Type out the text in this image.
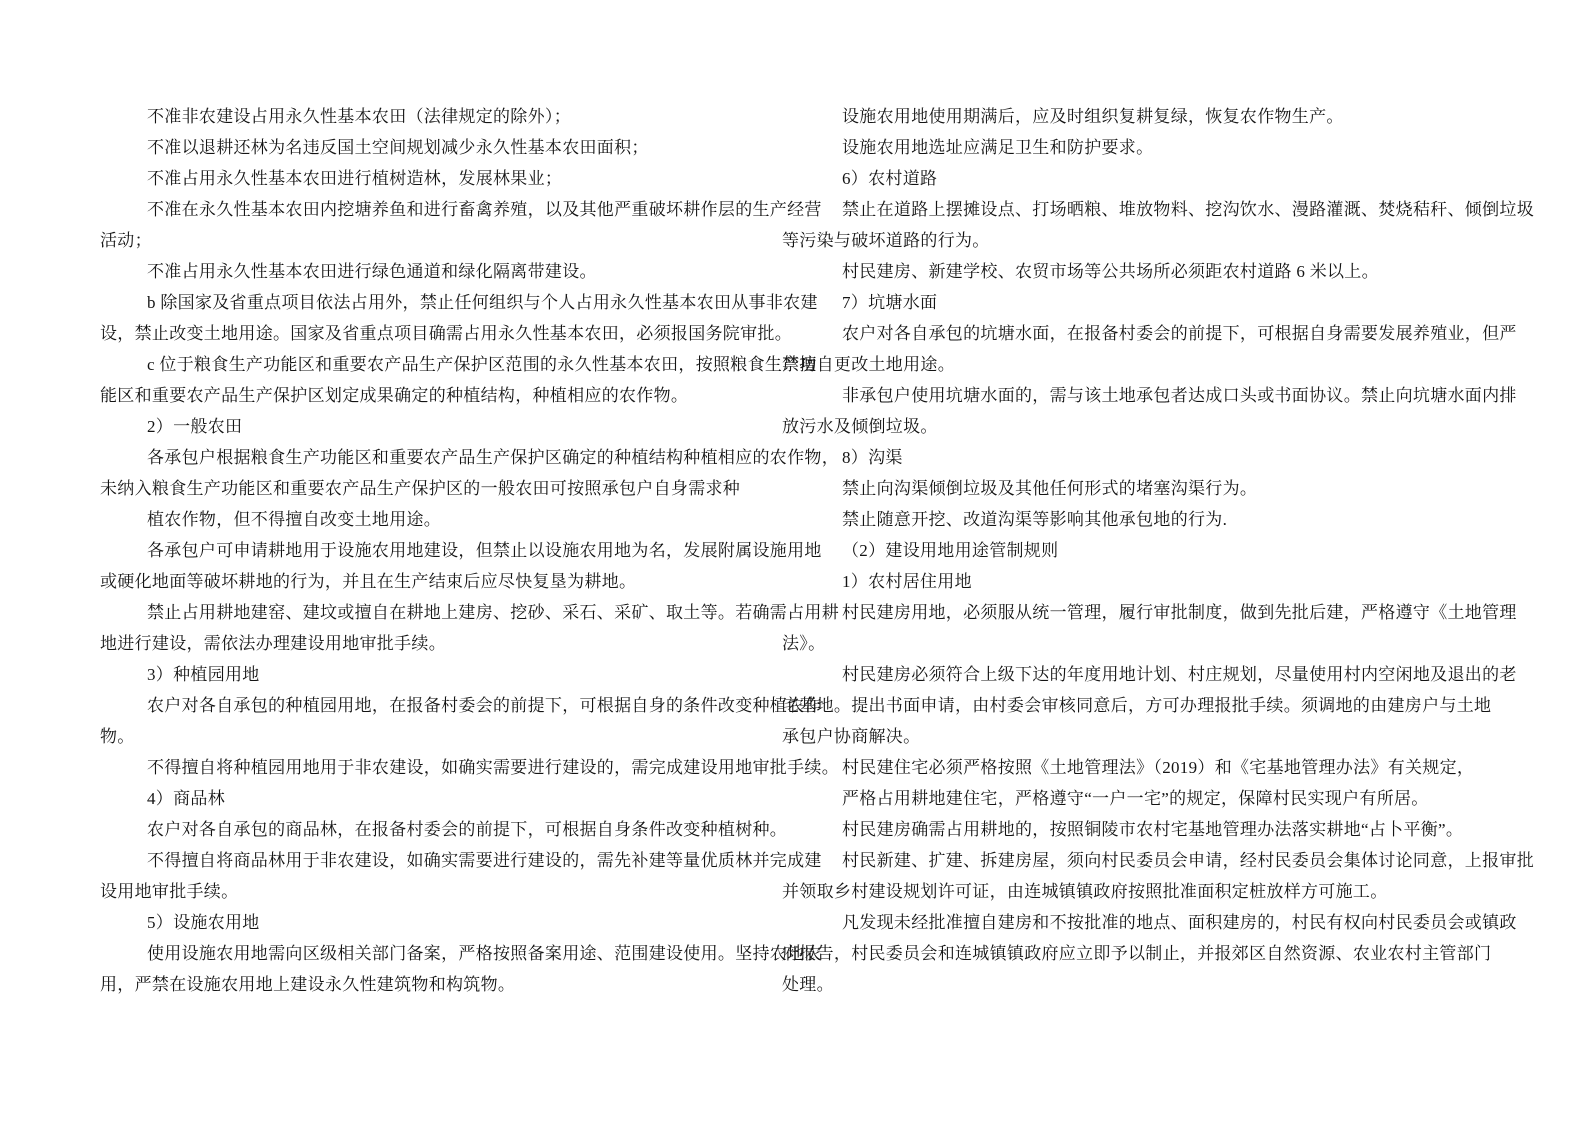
不准非农建设占用永久性基本农田（法律规定的除外）；
不准以退耕还林为名违反国土空间规划减少永久性基本农田面积；
不准占用永久性基本农田进行植树造林，发展林果业；
不准在永久性基本农田内挖塘养鱼和进行畜禽养殖，以及其他严重破坏耕作层的生产经营
活动；
不准占用永久性基本农田进行绿色通道和绿化隔离带建设。
b 除国家及省重点项目依法占用外，禁止任何组织与个人占用永久性基本农田从事非农建
设，禁止改变土地用途。国家及省重点项目确需占用永久性基本农田，必须报国务院审批。
c 位于粮食生产功能区和重要农产品生产保护区范围的永久性基本农田，按照粮食生产功
能区和重要农产品生产保护区划定成果确定的种植结构，种植相应的农作物。
2）一般农田
各承包户根据粮食生产功能区和重要农产品生产保护区确定的种植结构种植相应的农作物，
未纳入粮食生产功能区和重要农产品生产保护区的一般农田可按照承包户自身需求种
植农作物，但不得擅自改变土地用途。
各承包户可申请耕地用于设施农用地建设，但禁止以设施农用地为名，发展附属设施用地
或硬化地面等破坏耕地的行为，并且在生产结束后应尽快复垦为耕地。
禁止占用耕地建窑、建坟或擅自在耕地上建房、挖砂、采石、采矿、取土等。若确需占用耕
地进行建设，需依法办理建设用地审批手续。
3）种植园用地
农户对各自承包的种植园用地，在报备村委会的前提下，可根据自身的条件改变种植农作
物。
不得擅自将种植园用地用于非农建设，如确实需要进行建设的，需完成建设用地审批手续。
4）商品林
农户对各自承包的商品林，在报备村委会的前提下，可根据自身条件改变种植树种。
不得擅自将商品林用于非农建设，如确实需要进行建设的，需先补建等量优质林并完成建
设用地审批手续。
5）设施农用地
使用设施农用地需向区级相关部门备案，严格按照备案用途、范围建设使用。坚持农地农
用，严禁在设施农用地上建设永久性建筑物和构筑物。
设施农用地使用期满后，应及时组织复耕复绿，恢复农作物生产。
设施农用地选址应满足卫生和防护要求。
6）农村道路
禁止在道路上摆摊设点、打场晒粮、堆放物料、挖沟饮水、漫路灌溉、焚烧秸秆、倾倒垃圾
等污染与破坏道路的行为。
村民建房、新建学校、农贸市场等公共场所必须距农村道路 6 米以上。
7）坑塘水面
农户对各自承包的坑塘水面，在报备村委会的前提下，可根据自身需要发展养殖业，但严
禁擅自更改土地用途。
非承包户使用坑塘水面的，需与该土地承包者达成口头或书面协议。禁止向坑塘水面内排
放污水及倾倒垃圾。
8）沟渠
禁止向沟渠倾倒垃圾及其他任何形式的堵塞沟渠行为。
禁止随意开挖、改道沟渠等影响其他承包地的行为.
（2）建设用地用途管制规则
1）农村居住用地
村民建房用地，必须服从统一管理，履行审批制度，做到先批后建，严格遵守《土地管理
法》。
村民建房必须符合上级下达的年度用地计划、村庄规划，尽量使用村内空闲地及退出的老
宅基地。提出书面申请，由村委会审核同意后，方可办理报批手续。须调地的由建房户与土地
承包户协商解决。
村民建住宅必须严格按照《土地管理法》（2019）和《宅基地管理办法》有关规定，
严格占用耕地建住宅，严格遵守“一户一宅”的规定，保障村民实现户有所居。
村民建房确需占用耕地的，按照铜陵市农村宅基地管理办法落实耕地“占卜平衡”。
村民新建、扩建、拆建房屋，须向村民委员会申请，经村民委员会集体讨论同意，上报审批
并领取乡村建设规划许可证，由连城镇镇政府按照批准面积定桩放样方可施工。
凡发现未经批准擅自建房和不按批准的地点、面积建房的，村民有权向村民委员会或镇政
府报告，村民委员会和连城镇镇政府应立即予以制止，并报郊区自然资源、农业农村主管部门
处理。
